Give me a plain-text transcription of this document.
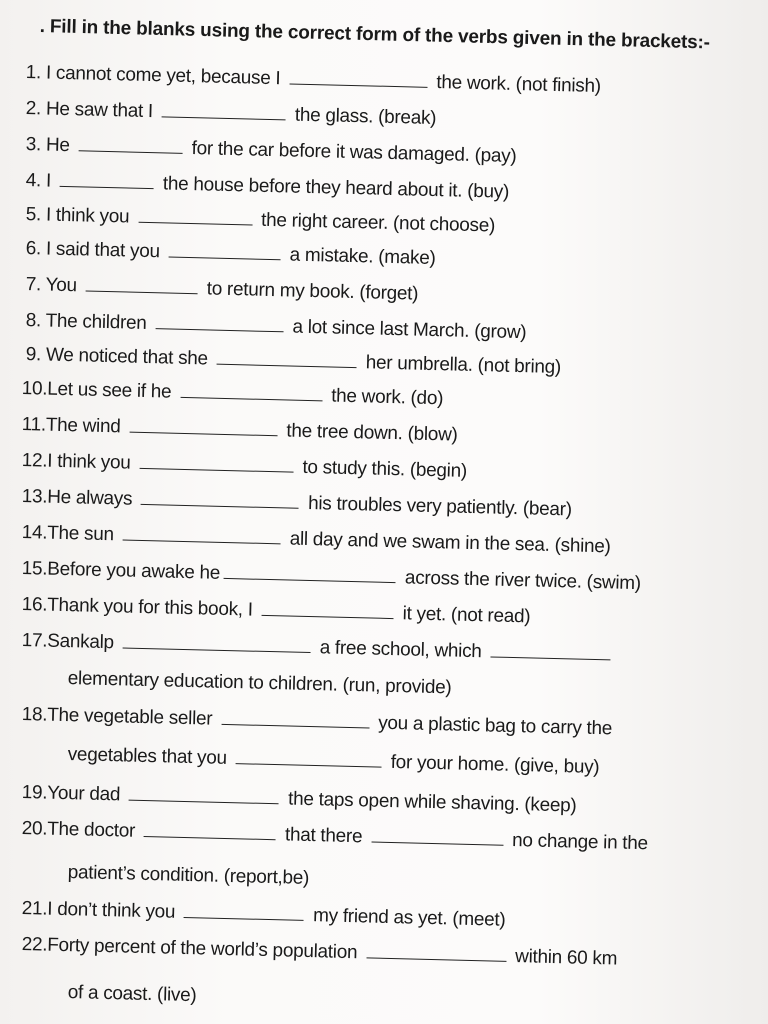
. Fill in the blanks using the correct form of the verbs given in the brackets:-
1. I cannot come yet, because I	the work. (not finish)
2. He saw that I	the glass. (break)
3. He	for the car before it was damaged. (pay)
4. I	the house before they heard about it. (buy)
5. I think you	the right career. (not choose)
6. I said that you	a mistake. (make)
7. You	to return my book. (forget)
8. The children	a lot since last March. (grow)
9. We noticed that she	her umbrella. (not bring)
10.Let us see if he	the work. (do)
11.The wind	the tree down. (blow)
12.I think you	to study this. (begin)
13.He always	his troubles very patiently. (bear)
14.The sun	all day and we swam in the sea. (shine)
15.Before you awake he	across the river twice. (swim)
16.Thank you for this book, I	it yet. (not read)
17.Sankalp	a free school, which
elementary education to children. (run, provide)
18.The vegetable seller	you a plastic bag to carry the
vegetables that you	for your home. (give, buy)
19.Your dad	the taps open while shaving. (keep)
20.The doctor	that there	no change in the
patient’s condition. (report,be)
21.I don’t think you	my friend as yet. (meet)
22.Forty percent of the world’s population	within 60 km
of a coast. (live)
